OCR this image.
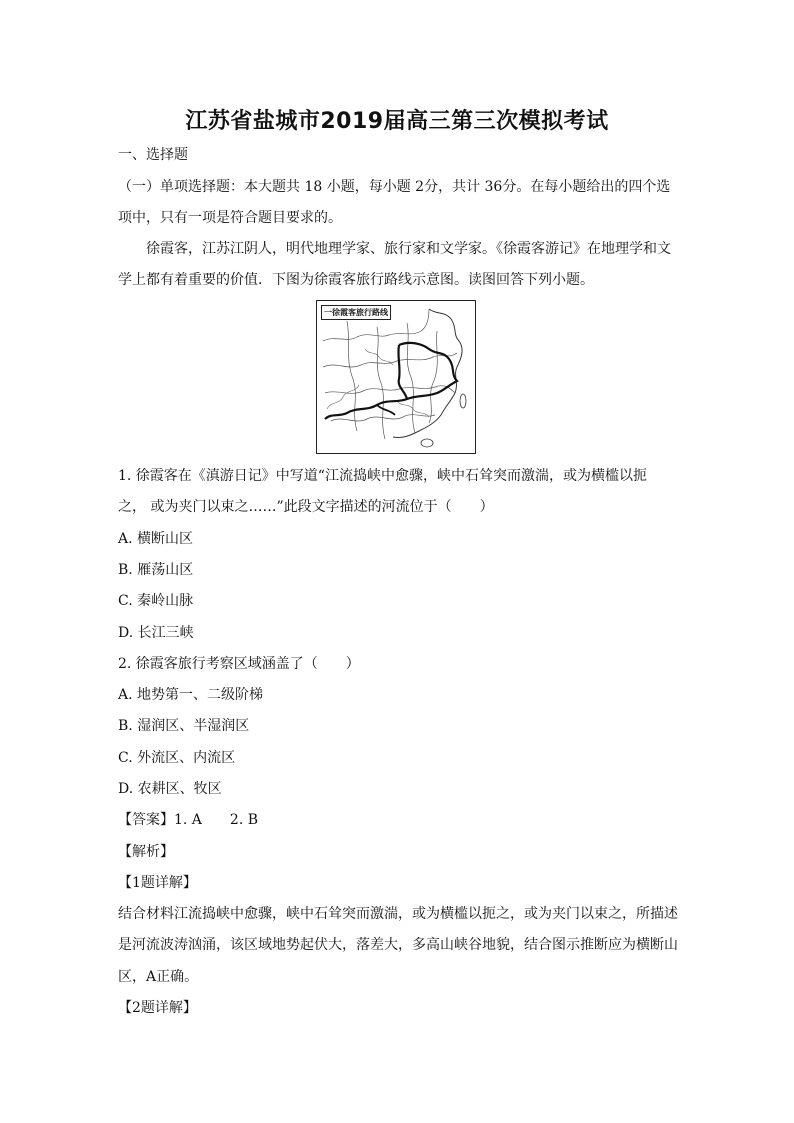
江苏省盐城市2019届高三第三次模拟考试
一、选择题
（一）单项选择题：本大题共 18 小题，每小题 2分，共计 36分。在每小题给出的四个选
项中，只有一项是符合题目要求的。
徐霞客，江苏江阴人，明代地理学家、旅行家和文学家。《徐霞客游记》在地理学和文
学上都有着重要的价值．下图为徐霞客旅行路线示意图。读图回答下列小题。
一徐霞客旅行路线
1. 徐霞客在《滇游日记》中写道“江流捣峡中愈骤，峡中石耸突而激湍，或为横槛以扼
之， 或为夹门以束之……”此段文字描述的河流位于（　　）
A. 横断山区
B. 雁荡山区
C. 秦岭山脉
D. 长江三峡
2. 徐霞客旅行考察区域涵盖了（　　）
A. 地势第一、二级阶梯
B. 湿润区、半湿润区
C. 外流区、内流区
D. 农耕区、牧区
【答案】1. A　　2. B
【解析】
【1题详解】
结合材料江流捣峡中愈骤，峡中石耸突而激湍，或为横槛以扼之，或为夹门以束之，所描述
是河流波涛汹涌，该区域地势起伏大，落差大，多高山峡谷地貌，结合图示推断应为横断山
区，A正确。
【2题详解】
